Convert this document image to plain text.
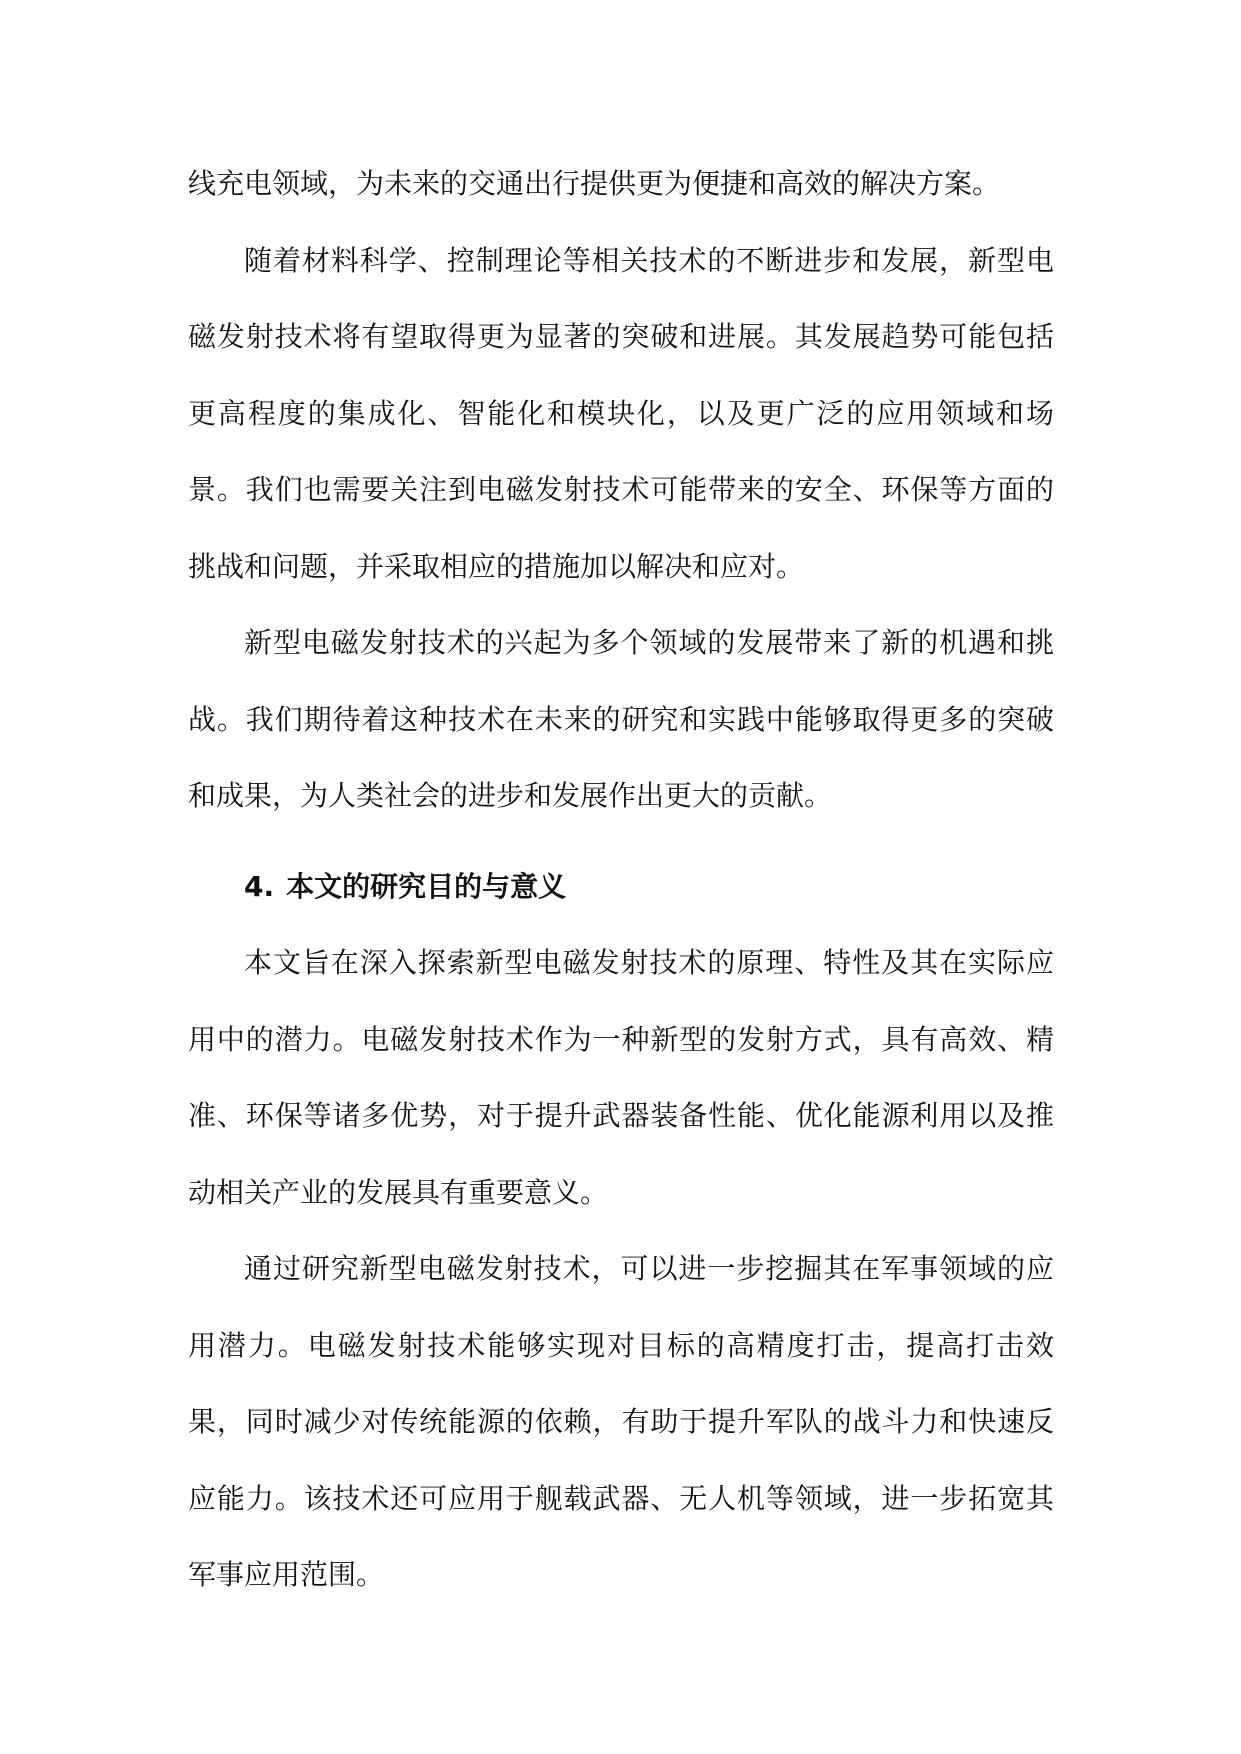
线充电领域，为未来的交通出行提供更为便捷和高效的解决方案。

随着材料科学、控制理论等相关技术的不断进步和发展，新型电磁发射技术将有望取得更为显著的突破和进展。其发展趋势可能包括更高程度的集成化、智能化和模块化，以及更广泛的应用领域和场景。我们也需要关注到电磁发射技术可能带来的安全、环保等方面的挑战和问题，并采取相应的措施加以解决和应对。

新型电磁发射技术的兴起为多个领域的发展带来了新的机遇和挑战。我们期待着这种技术在未来的研究和实践中能够取得更多的突破和成果，为人类社会的进步和发展作出更大的贡献。

4. 本文的研究目的与意义

本文旨在深入探索新型电磁发射技术的原理、特性及其在实际应用中的潜力。电磁发射技术作为一种新型的发射方式，具有高效、精准、环保等诸多优势，对于提升武器装备性能、优化能源利用以及推动相关产业的发展具有重要意义。

通过研究新型电磁发射技术，可以进一步挖掘其在军事领域的应用潜力。电磁发射技术能够实现对目标的高精度打击，提高打击效果，同时减少对传统能源的依赖，有助于提升军队的战斗力和快速反应能力。该技术还可应用于舰载武器、无人机等领域，进一步拓宽其军事应用范围。
